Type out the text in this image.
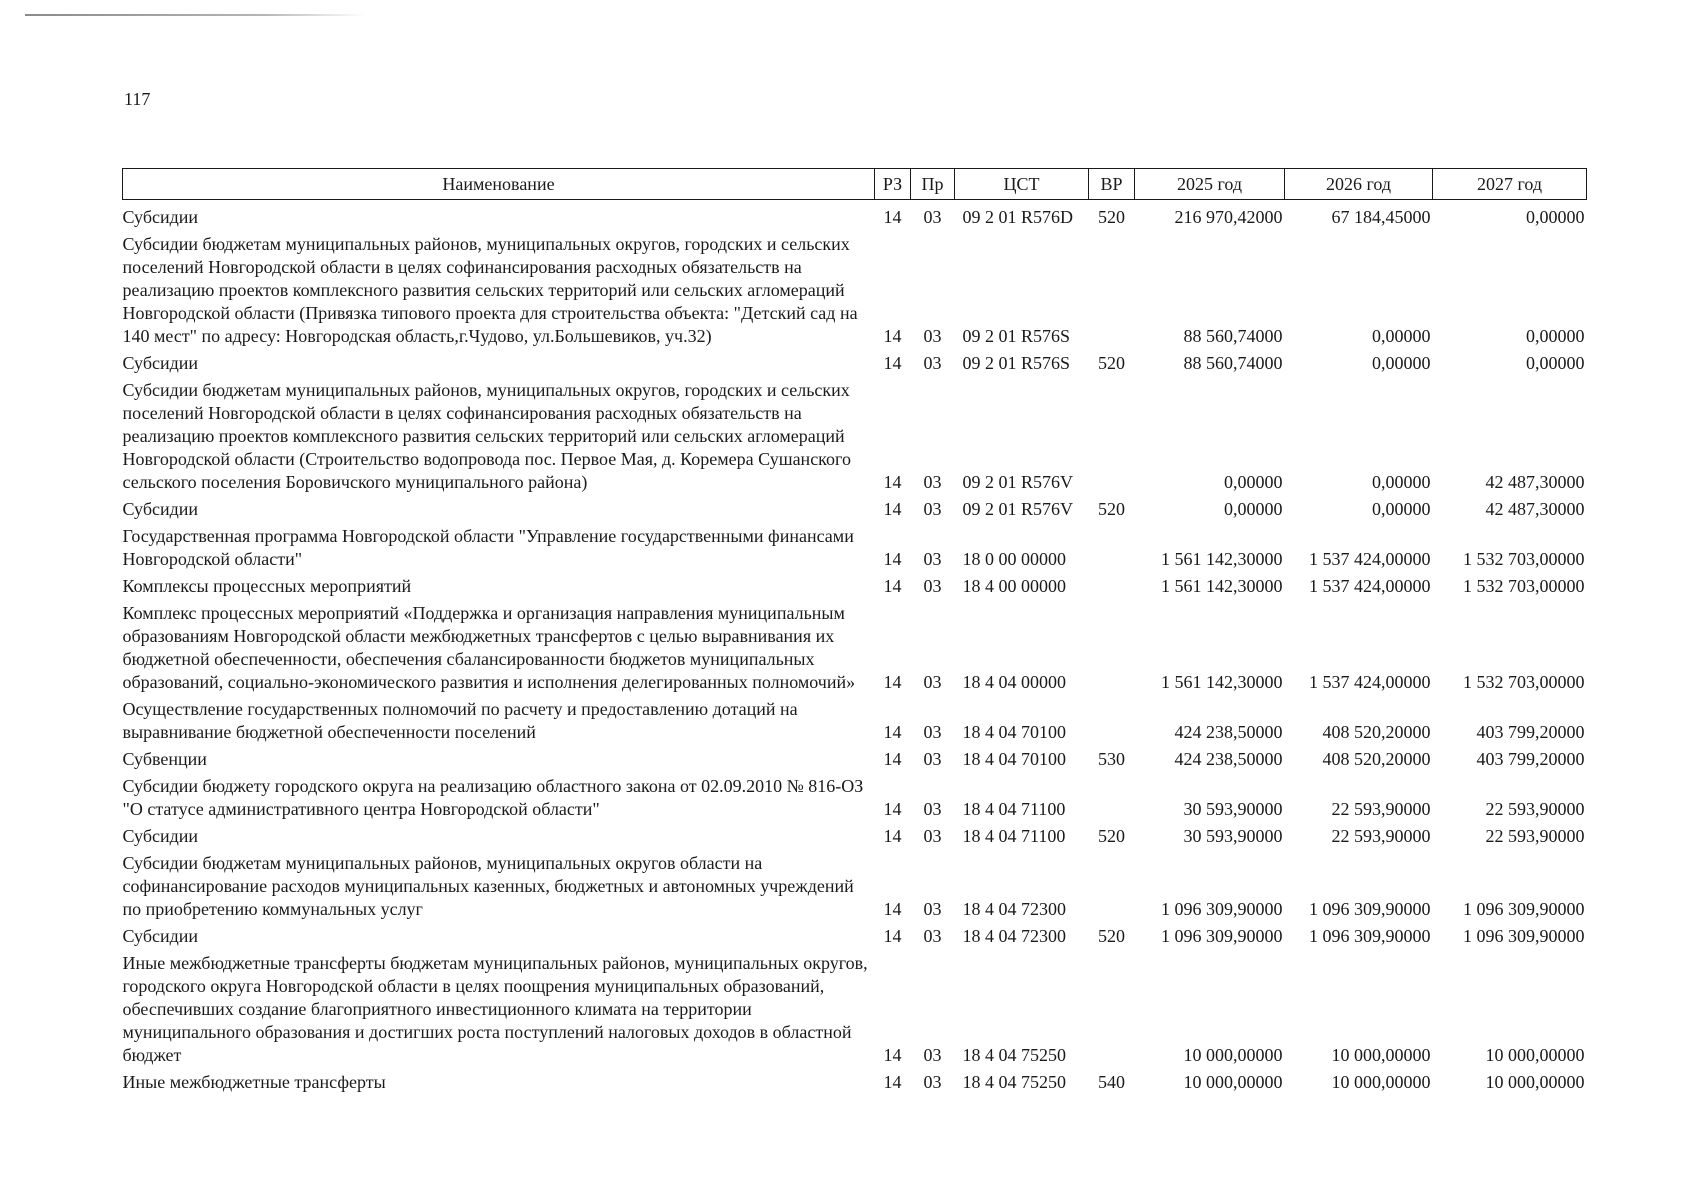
117
Наименование	РЗ	Пр	ЦСТ	ВР	2025 год	2026 год	2027 год
Субсидии	14	03	09 2 01 R576D	520	216 970,42000	67 184,45000	0,00000
Субсидии бюджетам муниципальных районов, муниципальных округов, городских и сельских поселений Новгородской области в целях софинансирования расходных обязательств на реализацию проектов комплексного развития сельских территорий или сельских агломераций Новгородской области (Привязка типового проекта для строительства объекта: "Детский сад на 140 мест" по адресу: Новгородская область,г.Чудово, ул.Большевиков, уч.32)	14	03	09 2 01 R576S		88 560,74000	0,00000	0,00000
Субсидии	14	03	09 2 01 R576S	520	88 560,74000	0,00000	0,00000
Субсидии бюджетам муниципальных районов, муниципальных округов, городских и сельских поселений Новгородской области в целях софинансирования расходных обязательств на реализацию проектов комплексного развития сельских территорий или сельских агломераций Новгородской области (Строительство водопровода пос. Первое Мая, д. Коремера Сушанского сельского поселения Боровичского муниципального района)	14	03	09 2 01 R576V		0,00000	0,00000	42 487,30000
Субсидии	14	03	09 2 01 R576V	520	0,00000	0,00000	42 487,30000
Государственная программа Новгородской области "Управление государственными финансами Новгородской области"	14	03	18 0 00 00000		1 561 142,30000	1 537 424,00000	1 532 703,00000
Комплексы процессных мероприятий	14	03	18 4 00 00000		1 561 142,30000	1 537 424,00000	1 532 703,00000
Комплекс процессных мероприятий «Поддержка и организация направления муниципальным образованиям Новгородской области межбюджетных трансфертов с целью выравнивания их бюджетной обеспеченности, обеспечения сбалансированности бюджетов муниципальных образований, социально-экономического развития и исполнения делегированных полномочий»	14	03	18 4 04 00000		1 561 142,30000	1 537 424,00000	1 532 703,00000
Осуществление государственных полномочий по расчету и предоставлению дотаций на выравнивание бюджетной обеспеченности поселений	14	03	18 4 04 70100		424 238,50000	408 520,20000	403 799,20000
Субвенции	14	03	18 4 04 70100	530	424 238,50000	408 520,20000	403 799,20000
Субсидии бюджету городского округа на реализацию областного закона от 02.09.2010 № 816-ОЗ "О статусе административного центра Новгородской области"	14	03	18 4 04 71100		30 593,90000	22 593,90000	22 593,90000
Субсидии	14	03	18 4 04 71100	520	30 593,90000	22 593,90000	22 593,90000
Субсидии бюджетам муниципальных районов, муниципальных округов области на софинансирование расходов муниципальных казенных, бюджетных и автономных учреждений по приобретению коммунальных услуг	14	03	18 4 04 72300		1 096 309,90000	1 096 309,90000	1 096 309,90000
Субсидии	14	03	18 4 04 72300	520	1 096 309,90000	1 096 309,90000	1 096 309,90000
Иные межбюджетные трансферты бюджетам муниципальных районов, муниципальных округов, городского округа Новгородской области в целях поощрения муниципальных образований, обеспечивших создание благоприятного инвестиционного климата на территории муниципального образования и достигших роста поступлений налоговых доходов в областной бюджет	14	03	18 4 04 75250		10 000,00000	10 000,00000	10 000,00000
Иные межбюджетные трансферты	14	03	18 4 04 75250	540	10 000,00000	10 000,00000	10 000,00000
